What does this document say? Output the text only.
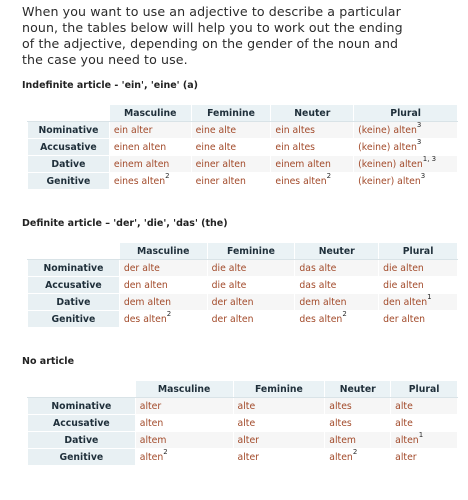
When you want to use an adjective to describe a particular
noun, the tables below will help you to work out the ending
of the adjective, depending on the gender of the noun and
the case you need to use.
Indefinite article - 'ein', 'eine' (a)
	Masculine	Feminine	Neuter	Plural
Nominative	ein alter	eine alte	ein altes	(keine) alten$^3$
Accusative	einen alten	eine alte	ein altes	(keine) alten$^3$
Dative	einem alten	einer alten	einem alten	(keinen) alten$^{1, 3}$
Genitive	eines alten$^2$	einer alten	eines alten$^2$	(keiner) alten$^3$
Definite article – 'der', 'die', 'das' (the)
	Masculine	Feminine	Neuter	Plural
Nominative	der alte	die alte	das alte	die alten
Accusative	den alten	die alte	das alte	die alten
Dative	dem alten	der alten	dem alten	den alten$^1$
Genitive	des alten$^2$	der alten	des alten$^2$	der alten
No article
	Masculine	Feminine	Neuter	Plural
Nominative	alter	alte	altes	alte
Accusative	alten	alte	altes	alte
Dative	altem	alter	altem	alten$^1$
Genitive	alten$^2$	alter	alten$^2$	alter
